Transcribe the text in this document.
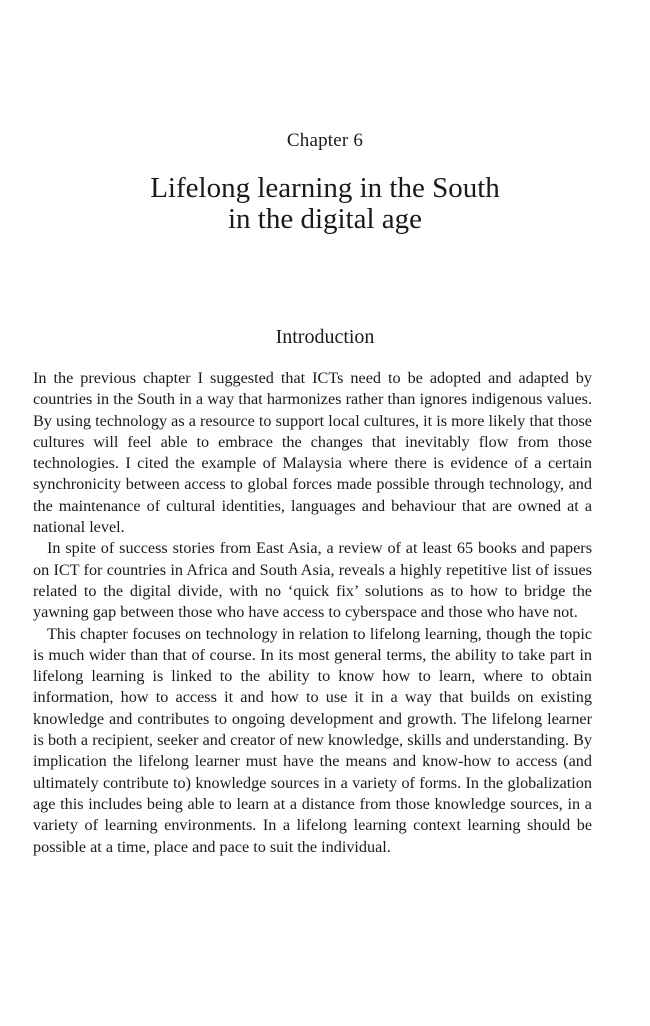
Chapter 6
Lifelong learning in the South
in the digital age
Introduction

In the previous chapter I suggested that ICTs need to be adopted and adapted by countries in the South in a way that harmonizes rather than ignores indigenous values. By using technology as a resource to support local cultures, it is more likely that those cultures will feel able to embrace the changes that inevitably flow from those technologies. I cited the example of Malaysia where there is evidence of a certain synchronicity between access to global forces made possible through technology, and the maintenance of cultural identities, languages and behaviour that are owned at a national level.

In spite of success stories from East Asia, a review of at least 65 books and papers on ICT for countries in Africa and South Asia, reveals a highly repetitive list of issues related to the digital divide, with no ‘quick fix’ solutions as to how to bridge the yawning gap between those who have access to cyberspace and those who have not.

This chapter focuses on technology in relation to lifelong learning, though the topic is much wider than that of course. In its most general terms, the ability to take part in lifelong learning is linked to the ability to know how to learn, where to obtain information, how to access it and how to use it in a way that builds on existing knowledge and contributes to ongoing development and growth. The lifelong learner is both a recipient, seeker and creator of new knowledge, skills and understanding. By implication the lifelong learner must have the means and know-how to access (and ultimately contribute to) knowledge sources in a variety of forms. In the globalization age this includes being able to learn at a distance from those knowledge sources, in a variety of learning environments. In a lifelong learning context learning should be possible at a time, place and pace to suit the individual.
